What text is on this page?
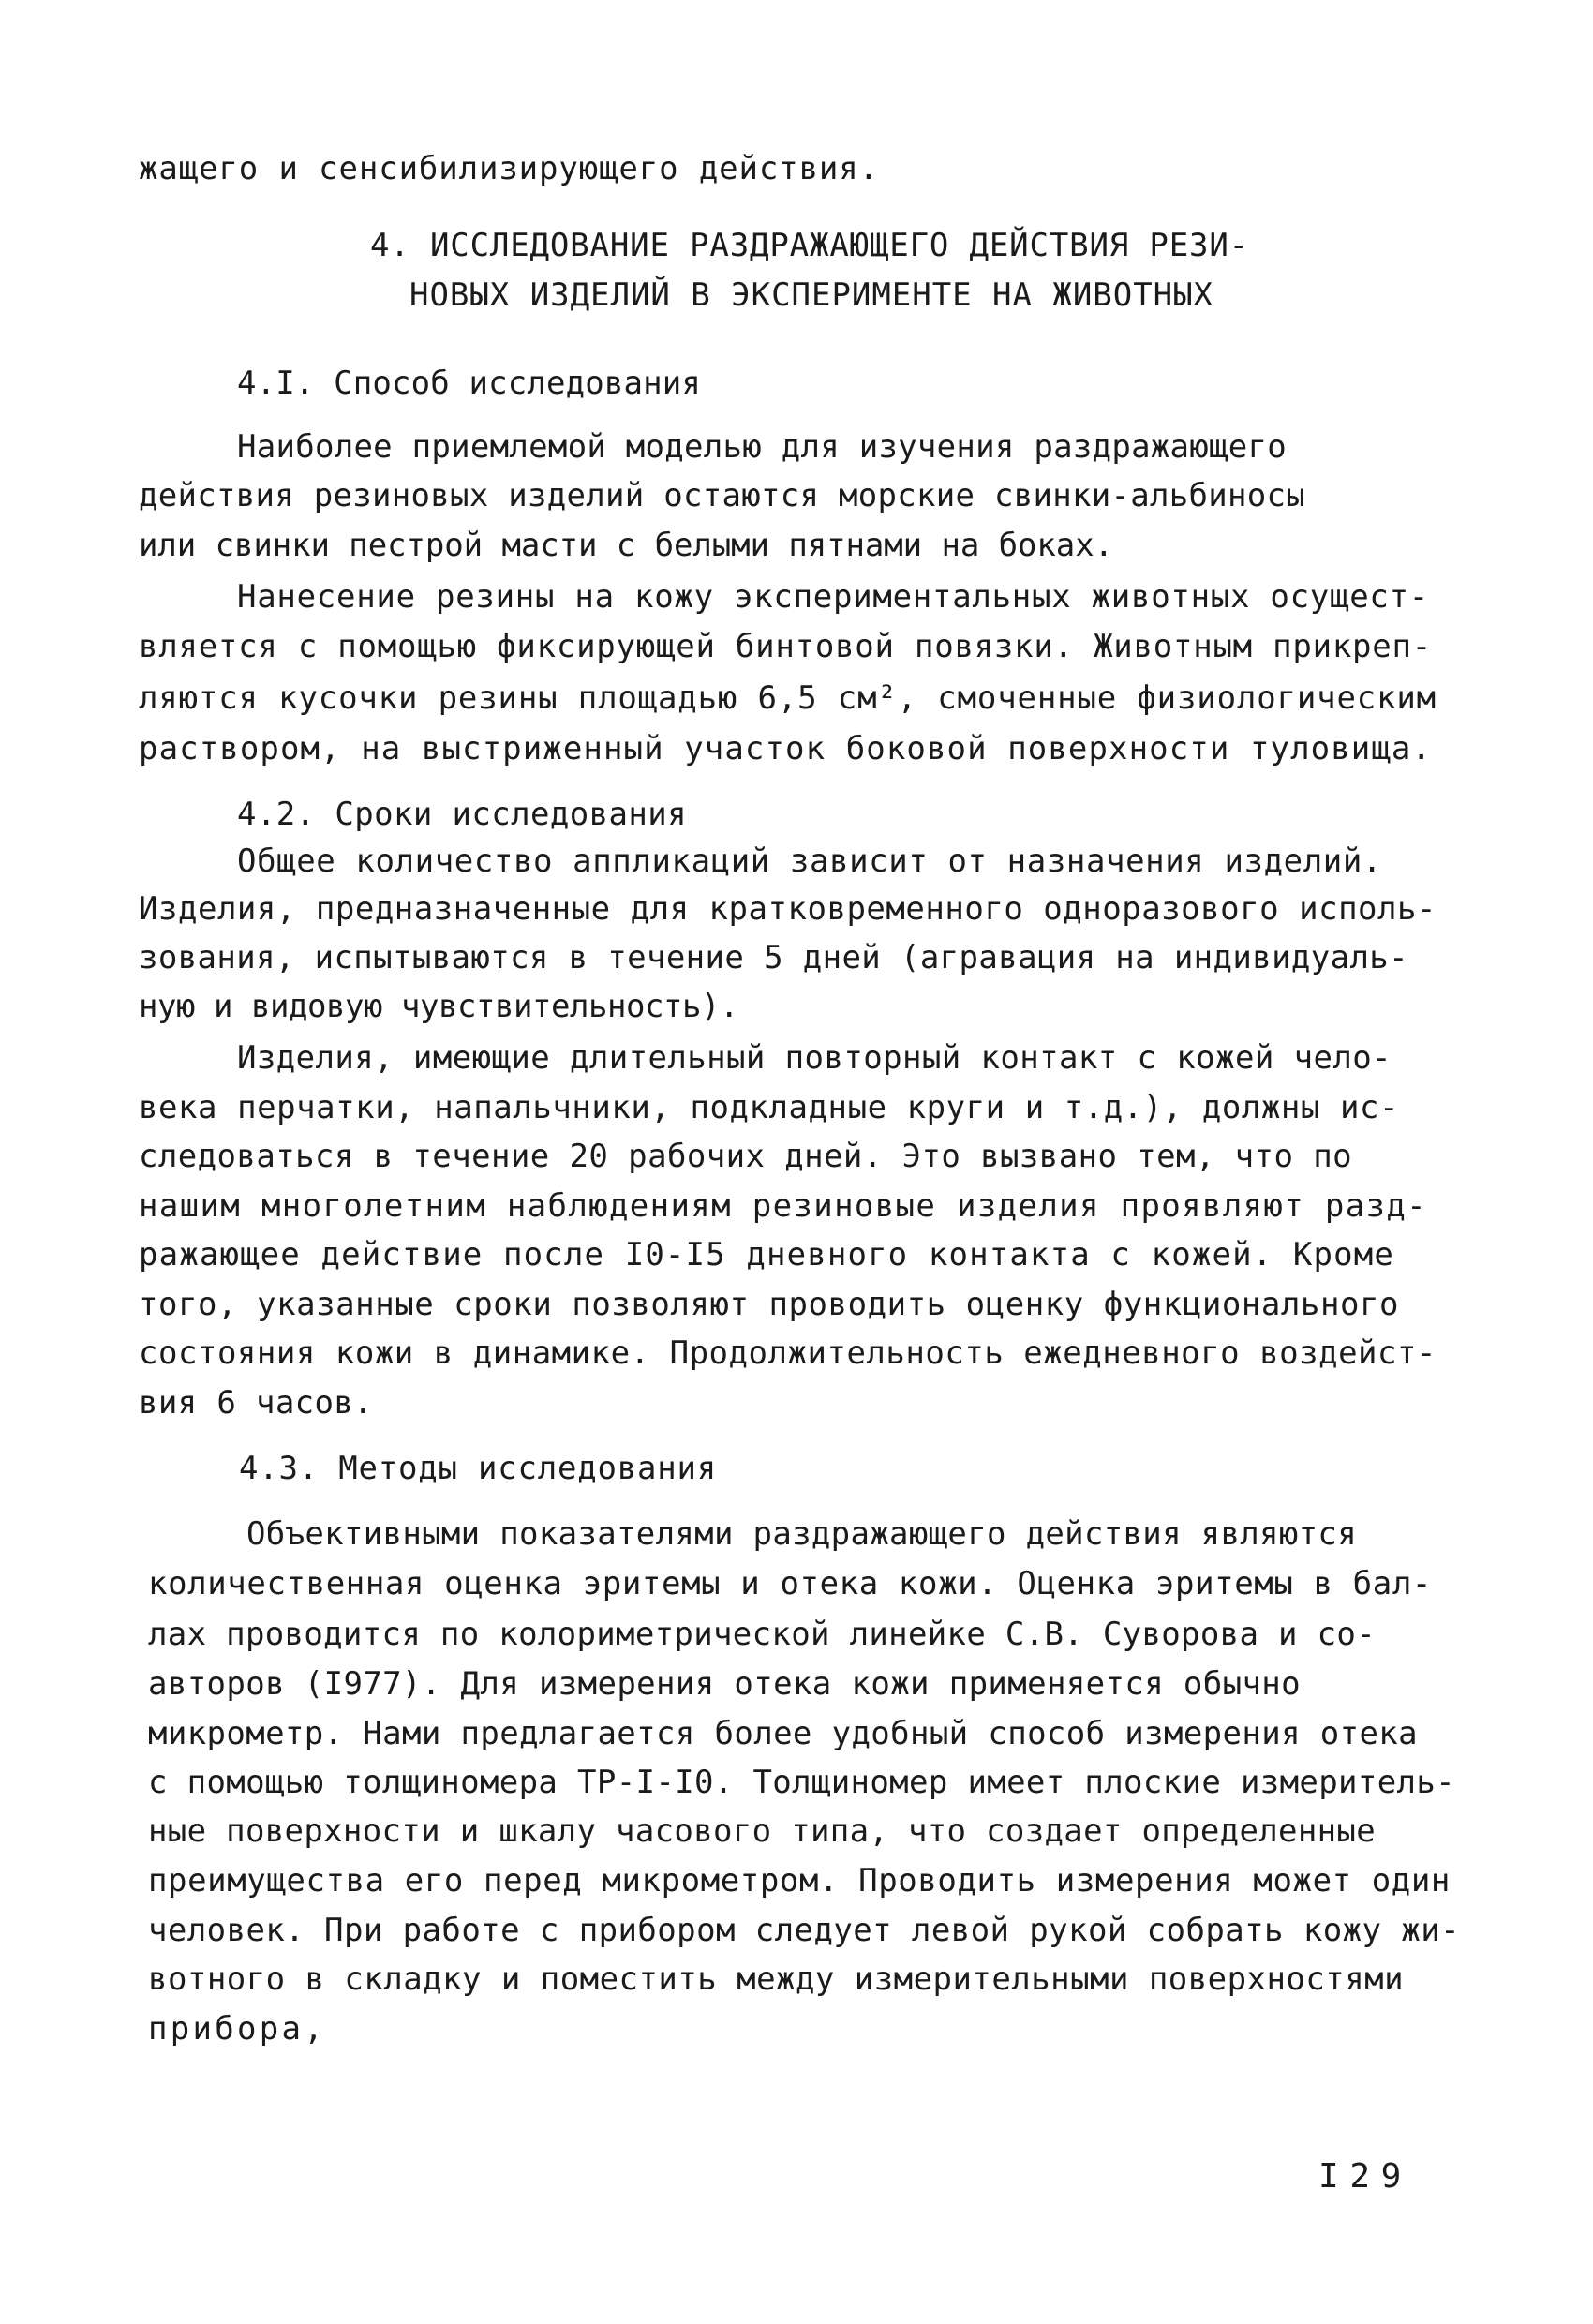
жащего и сенсибилизирующего действия.
4. ИССЛЕДОВАНИЕ РАЗДРАЖАЮЩЕГО ДЕЙСТВИЯ РЕЗИ-
НОВЫХ ИЗДЕЛИЙ В ЭКСПЕРИМЕНТЕ НА ЖИВОТНЫХ
4.I. Способ исследования
Наиболее приемлемой моделью для изучения раздражающего
действия резиновых изделий остаются морские свинки-альбиносы
или свинки пестрой масти с белыми пятнами на боках.
Нанесение резины на кожу экспериментальных животных осущест-
вляется с помощью фиксирующей бинтовой повязки. Животным прикреп-
ляются кусочки резины площадью 6,5 см², смоченные физиологическим
раствором, на выстриженный участок боковой поверхности туловища.
4.2. Сроки исследования
Общее количество аппликаций зависит от назначения изделий.
Изделия, предназначенные для кратковременного одноразового исполь-
зования, испытываются в течение 5 дней (агравация на индивидуаль-
ную и видовую чувствительность).
Изделия, имеющие длительный повторный контакт с кожей чело-
века перчатки, напальчники, подкладные круги и т.д.), должны ис-
следоваться в течение 20 рабочих дней. Это вызвано тем, что по
нашим многолетним наблюдениям резиновые изделия проявляют разд-
ражающее действие после I0-I5 дневного контакта с кожей. Кроме
того, указанные сроки позволяют проводить оценку функционального
состояния кожи в динамике. Продолжительность ежедневного воздейст-
вия 6 часов.
4.3. Методы исследования
Объективными показателями раздражающего действия являются
количественная оценка эритемы и отека кожи. Оценка эритемы в бал-
лах проводится по колориметрической линейке С.В. Суворова и со-
авторов (I977). Для измерения отека кожи применяется обычно
микрометр. Нами предлагается более удобный способ измерения отека
с помощью толщиномера ТР-I-I0. Толщиномер имеет плоские измеритель-
ные поверхности и шкалу часового типа, что создает определенные
преимущества его перед микрометром. Проводить измерения может один
человек. При работе с прибором следует левой рукой собрать кожу жи-
вотного в складку и поместить между измерительными поверхностями
прибора,
I29
